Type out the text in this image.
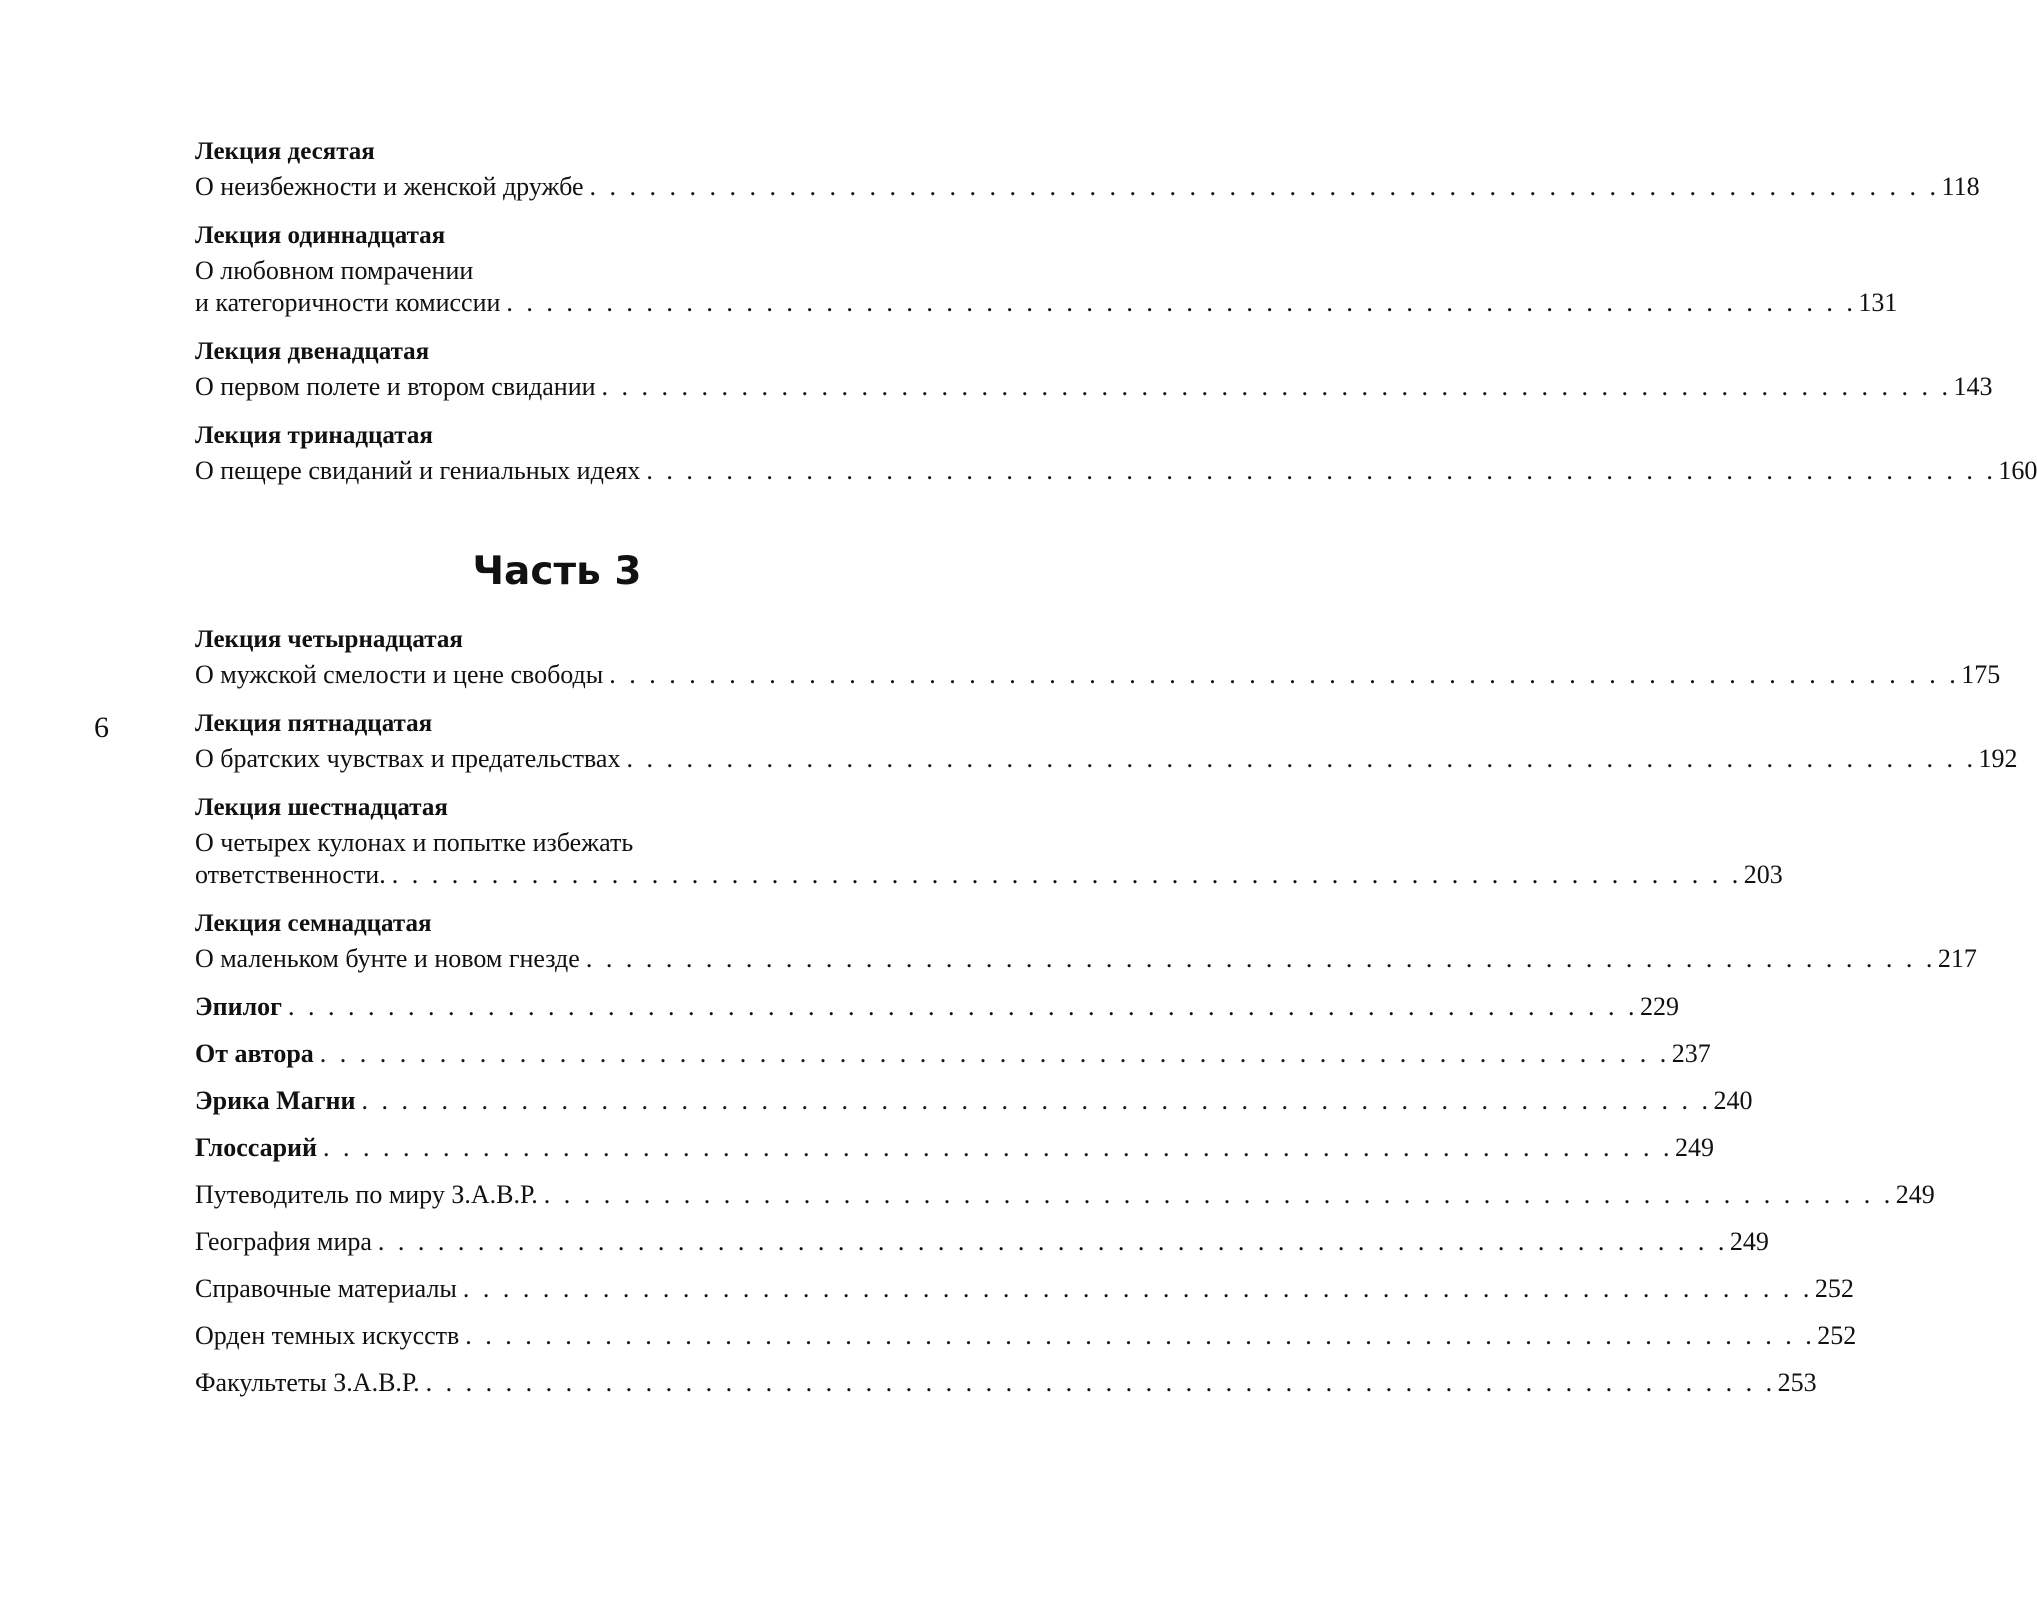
6
Лекция десятая
О неизбежности и женской дружбе . . . . . . . . . . . . . . . . . . . . . . . . . . . . . . . . . . . . . . . . . . . . . . . . . . . . . . . . . . . . . . . . . . . . 118
Лекция одиннадцатая
О любовном помрачении
и категоричности комиссии . . . . . . . . . . . . . . . . . . . . . . . . . . . . . . . . . . . . . . . . . . . . . . . . . . . . . . . . . . . . . . . . . . . . 131
Лекция двенадцатая
О первом полете и втором свидании . . . . . . . . . . . . . . . . . . . . . . . . . . . . . . . . . . . . . . . . . . . . . . . . . . . . . . . . . . . . . . . . . . . . 143
Лекция тринадцатая
О пещере свиданий и гениальных идеях . . . . . . . . . . . . . . . . . . . . . . . . . . . . . . . . . . . . . . . . . . . . . . . . . . . . . . . . . . . . . . . . . . . . 160
Часть 3
Лекция четырнадцатая
О мужской смелости и цене свободы . . . . . . . . . . . . . . . . . . . . . . . . . . . . . . . . . . . . . . . . . . . . . . . . . . . . . . . . . . . . . . . . . . . . 175
Лекция пятнадцатая
О братских чувствах и предательствах . . . . . . . . . . . . . . . . . . . . . . . . . . . . . . . . . . . . . . . . . . . . . . . . . . . . . . . . . . . . . . . . . . . . 192
Лекция шестнадцатая
О четырех кулонах и попытке избежать
ответственности. . . . . . . . . . . . . . . . . . . . . . . . . . . . . . . . . . . . . . . . . . . . . . . . . . . . . . . . . . . . . . . . . . . . . 203
Лекция семнадцатая
О маленьком бунте и новом гнезде . . . . . . . . . . . . . . . . . . . . . . . . . . . . . . . . . . . . . . . . . . . . . . . . . . . . . . . . . . . . . . . . . . . . 217
Эпилог . . . . . . . . . . . . . . . . . . . . . . . . . . . . . . . . . . . . . . . . . . . . . . . . . . . . . . . . . . . . . . . . . . . . 229
От автора . . . . . . . . . . . . . . . . . . . . . . . . . . . . . . . . . . . . . . . . . . . . . . . . . . . . . . . . . . . . . . . . . . . . 237
Эрика Магни . . . . . . . . . . . . . . . . . . . . . . . . . . . . . . . . . . . . . . . . . . . . . . . . . . . . . . . . . . . . . . . . . . . . 240
Глоссарий . . . . . . . . . . . . . . . . . . . . . . . . . . . . . . . . . . . . . . . . . . . . . . . . . . . . . . . . . . . . . . . . . . . . 249
Путеводитель по миру З.А.В.Р. . . . . . . . . . . . . . . . . . . . . . . . . . . . . . . . . . . . . . . . . . . . . . . . . . . . . . . . . . . . . . . . . . . . . 249
География мира . . . . . . . . . . . . . . . . . . . . . . . . . . . . . . . . . . . . . . . . . . . . . . . . . . . . . . . . . . . . . . . . . . . . 249
Справочные материалы . . . . . . . . . . . . . . . . . . . . . . . . . . . . . . . . . . . . . . . . . . . . . . . . . . . . . . . . . . . . . . . . . . . . 252
Орден темных искусств . . . . . . . . . . . . . . . . . . . . . . . . . . . . . . . . . . . . . . . . . . . . . . . . . . . . . . . . . . . . . . . . . . . . 252
Факультеты З.А.В.Р. . . . . . . . . . . . . . . . . . . . . . . . . . . . . . . . . . . . . . . . . . . . . . . . . . . . . . . . . . . . . . . . . . . . . 253
